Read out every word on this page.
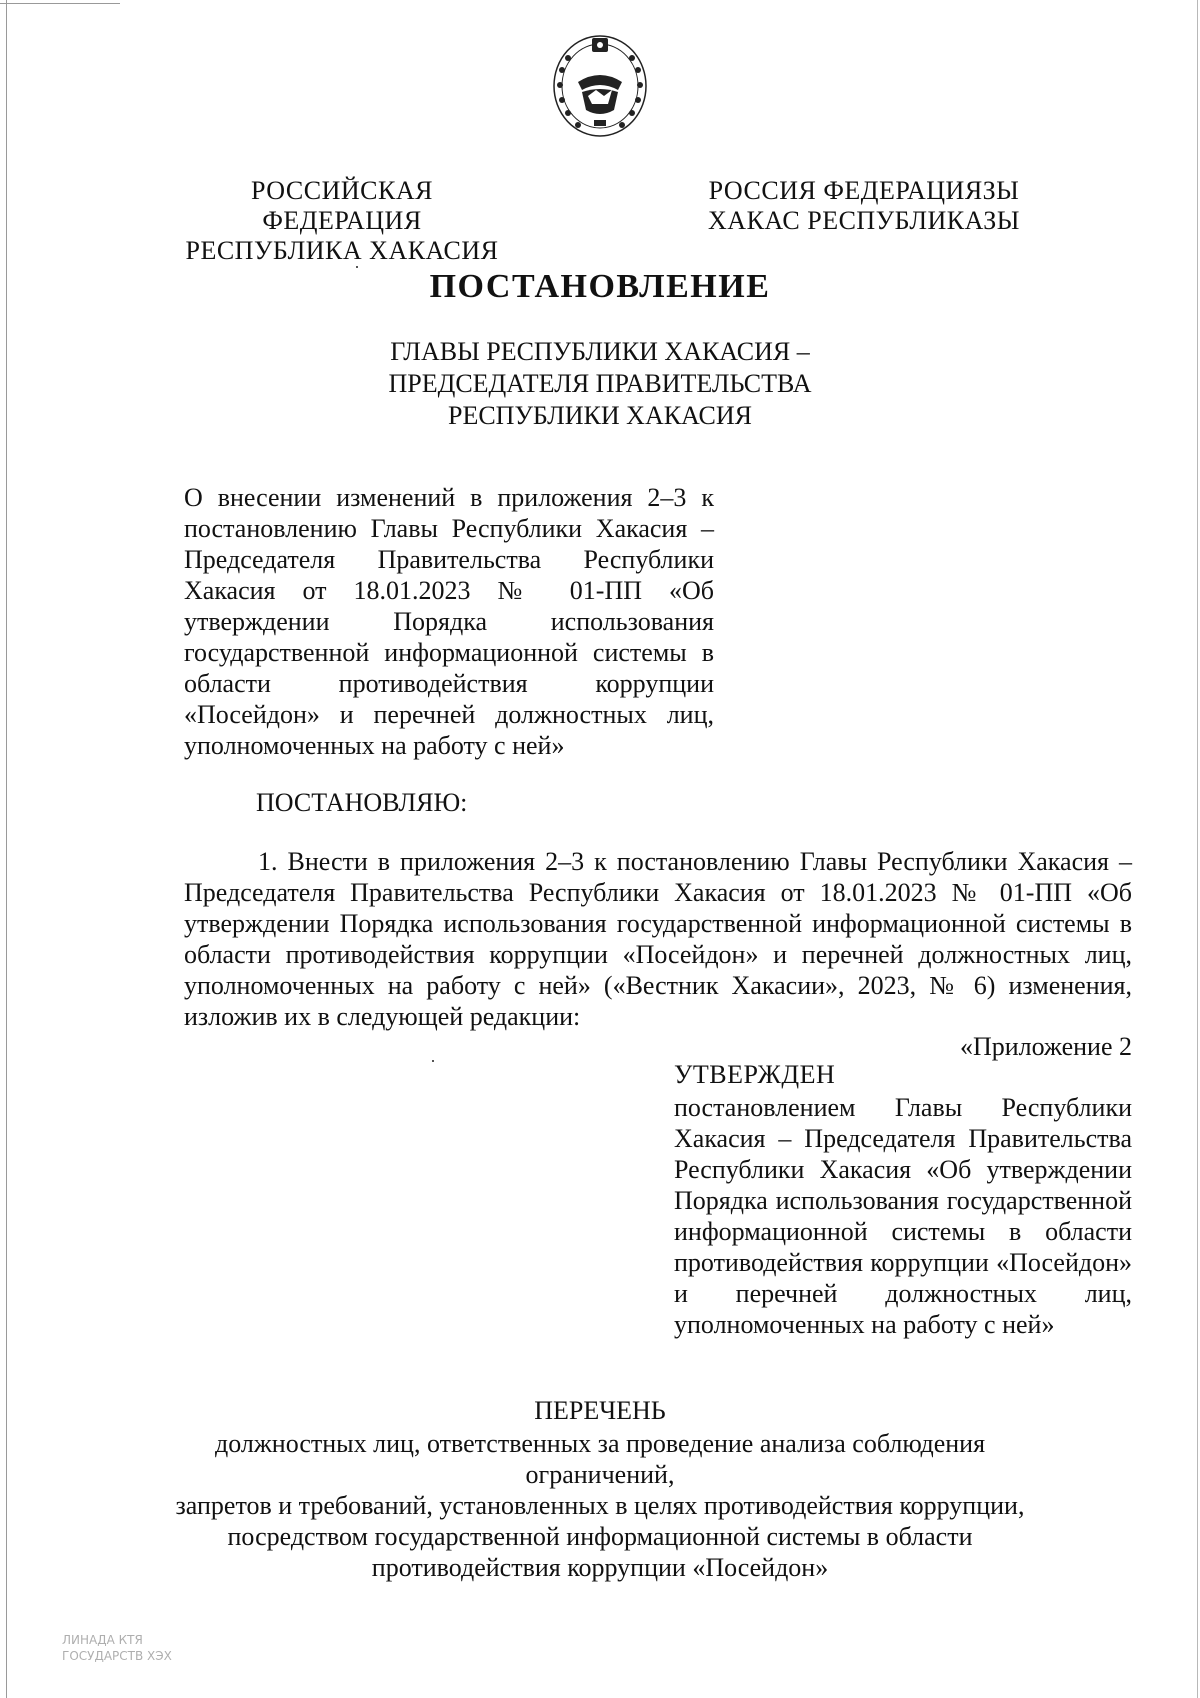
РОССИЙСКАЯ ФЕДЕРАЦИЯ
РЕСПУБЛИКА ХАКАСИЯ
РОССИЯ ФЕДЕРАЦИЯЗЫ
ХАКАС РЕСПУБЛИКАЗЫ
ПОСТАНОВЛЕНИЕ
ГЛАВЫ РЕСПУБЛИКИ ХАКАСИЯ –
ПРЕДСЕДАТЕЛЯ ПРАВИТЕЛЬСТВА
РЕСПУБЛИКИ ХАКАСИЯ
О внесении изменений в приложения 2–3 к постановлению Главы Республики Хакасия – Председателя Правительства Республики Хакасия от 18.01.2023 № 01-ПП «Об утверждении Порядка использования государственной информационной системы в области противодействия коррупции «Посейдон» и перечней должностных лиц, уполномоченных на работу с ней»
ПОСТАНОВЛЯЮ:
1. Внести в приложения 2–3 к постановлению Главы Республики Хакасия – Председателя Правительства Республики Хакасия от 18.01.2023 № 01-ПП «Об утверждении Порядка использования государственной информационной системы в области противодействия коррупции «Посейдон» и перечней должностных лиц, уполномоченных на работу с ней» («Вестник Хакасии», 2023, № 6) изменения, изложив их в следующей редакции:
«Приложение 2
УТВЕРЖДЕН
постановлением Главы Республики Хакасия – Председателя Правительства Республики Хакасия «Об утверждении Порядка использования государственной информационной системы в области противодействия коррупции «Посейдон» и перечней должностных лиц, уполномоченных на работу с ней»
ПЕРЕЧЕНЬ
должностных лиц, ответственных за проведение анализа соблюдения ограничений,
запретов и требований, установленных в целях противодействия коррупции,
посредством государственной информационной системы в области
противодействия коррупции «Посейдон»
ЛИНАДА КТЯ
ГОСУДАРСТВ ХЭХ
